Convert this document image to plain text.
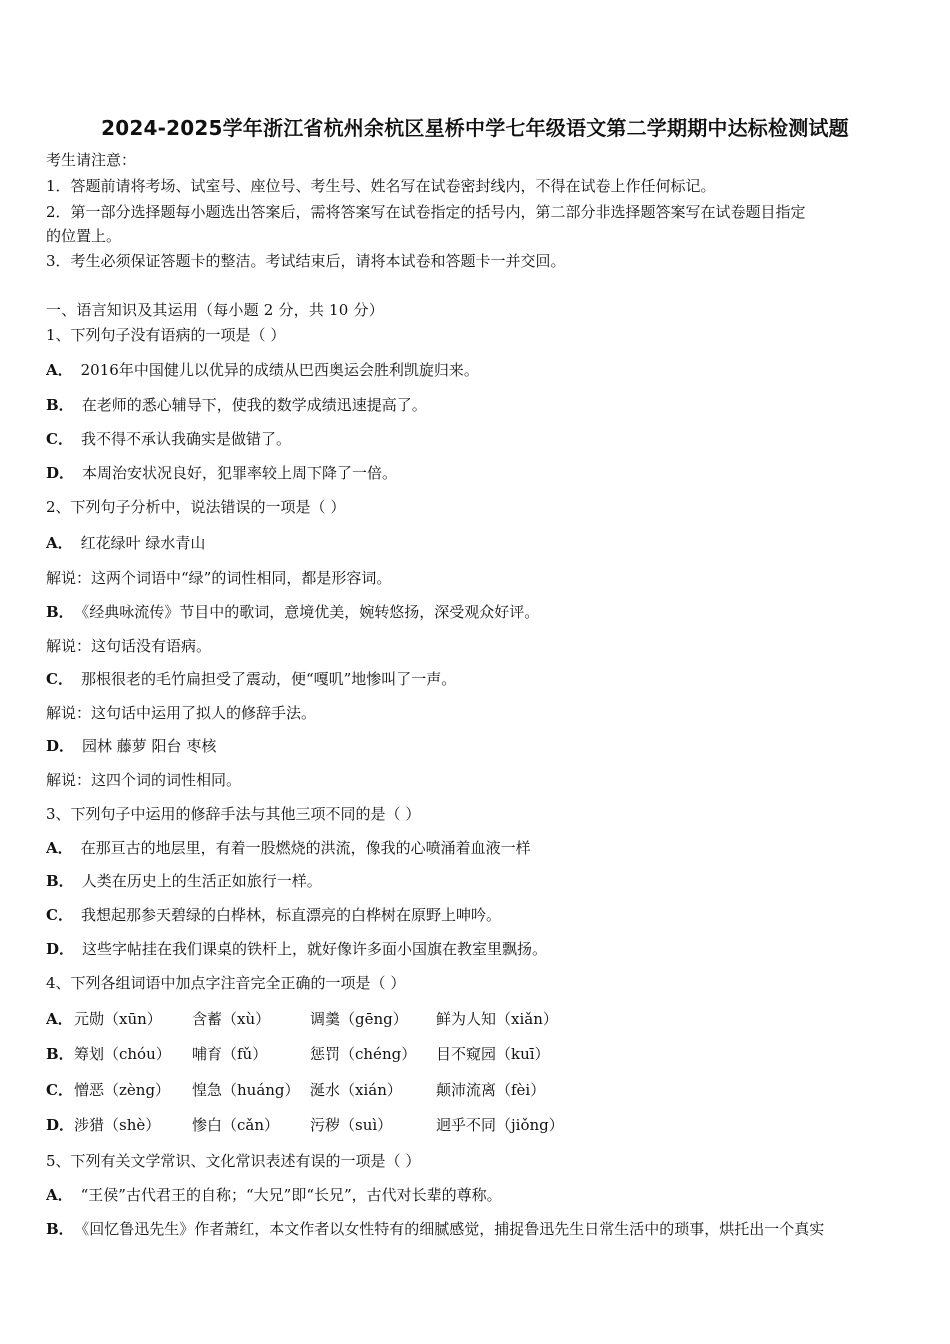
2024-2025学年浙江省杭州余杭区星桥中学七年级语文第二学期期中达标检测试题
考生请注意：
1．答题前请将考场、试室号、座位号、考生号、姓名写在试卷密封线内，不得在试卷上作任何标记。
2．第一部分选择题每小题选出答案后，需将答案写在试卷指定的括号内，第二部分非选择题答案写在试卷题目指定
的位置上。
3．考生必须保证答题卡的整洁。考试结束后，请将本试卷和答题卡一并交回。
一、语言知识及其运用（每小题 2 分，共 10 分）
1、下列句子没有语病的一项是（ ）
A． 2016年中国健儿以优异的成绩从巴西奥运会胜利凯旋归来。
B． 在老师的悉心辅导下，使我的数学成绩迅速提高了。
C． 我不得不承认我确实是做错了。
D． 本周治安状况良好，犯罪率较上周下降了一倍。
2、下列句子分析中，说法错误的一项是（ ）
A． 红花绿叶 绿水青山
解说：这两个词语中“绿”的词性相同，都是形容词。
B． 《经典咏流传》节目中的歌词，意境优美，婉转悠扬，深受观众好评。
解说：这句话没有语病。
C． 那根很老的毛竹扁担受了震动，便“嘎叽”地惨叫了一声。
解说：这句话中运用了拟人的修辞手法。
D． 园林 藤萝 阳台 枣核
解说：这四个词的词性相同。
3、下列句子中运用的修辞手法与其他三项不同的是（ ）
A． 在那亘古的地层里，有着一股燃烧的洪流，像我的心喷涌着血液一样
B． 人类在历史上的生活正如旅行一样。
C． 我想起那参天碧绿的白桦林，标直漂亮的白桦树在原野上呻吟。
D． 这些字帖挂在我们课桌的铁杆上，就好像许多面小国旗在教室里飘扬。
4、下列各组词语中加点字注音完全正确的一项是（ ）
A． 元勋（xūn）	含蓄（xù）	调羹（gēng）	鲜为人知（xiǎn）
B． 筹划（chóu）	哺育（fǔ）	惩罚（chéng）	目不窥园（kuī）
C． 憎恶（zèng）	惶急（huáng） 涎水（xián）	颠沛流离（fèi）
D． 涉猎（shè）	惨白（cǎn）	污秽（suì）	迥乎不同（jiǒng）
5、下列有关文学常识、文化常识表述有误的一项是（ ）
A． “王侯”古代君王的自称；“大兄”即“长兄”，古代对长辈的尊称。
B． 《回忆鲁迅先生》作者萧红，本文作者以女性特有的细腻感觉，捕捉鲁迅先生日常生活中的琐事，烘托出一个真实
